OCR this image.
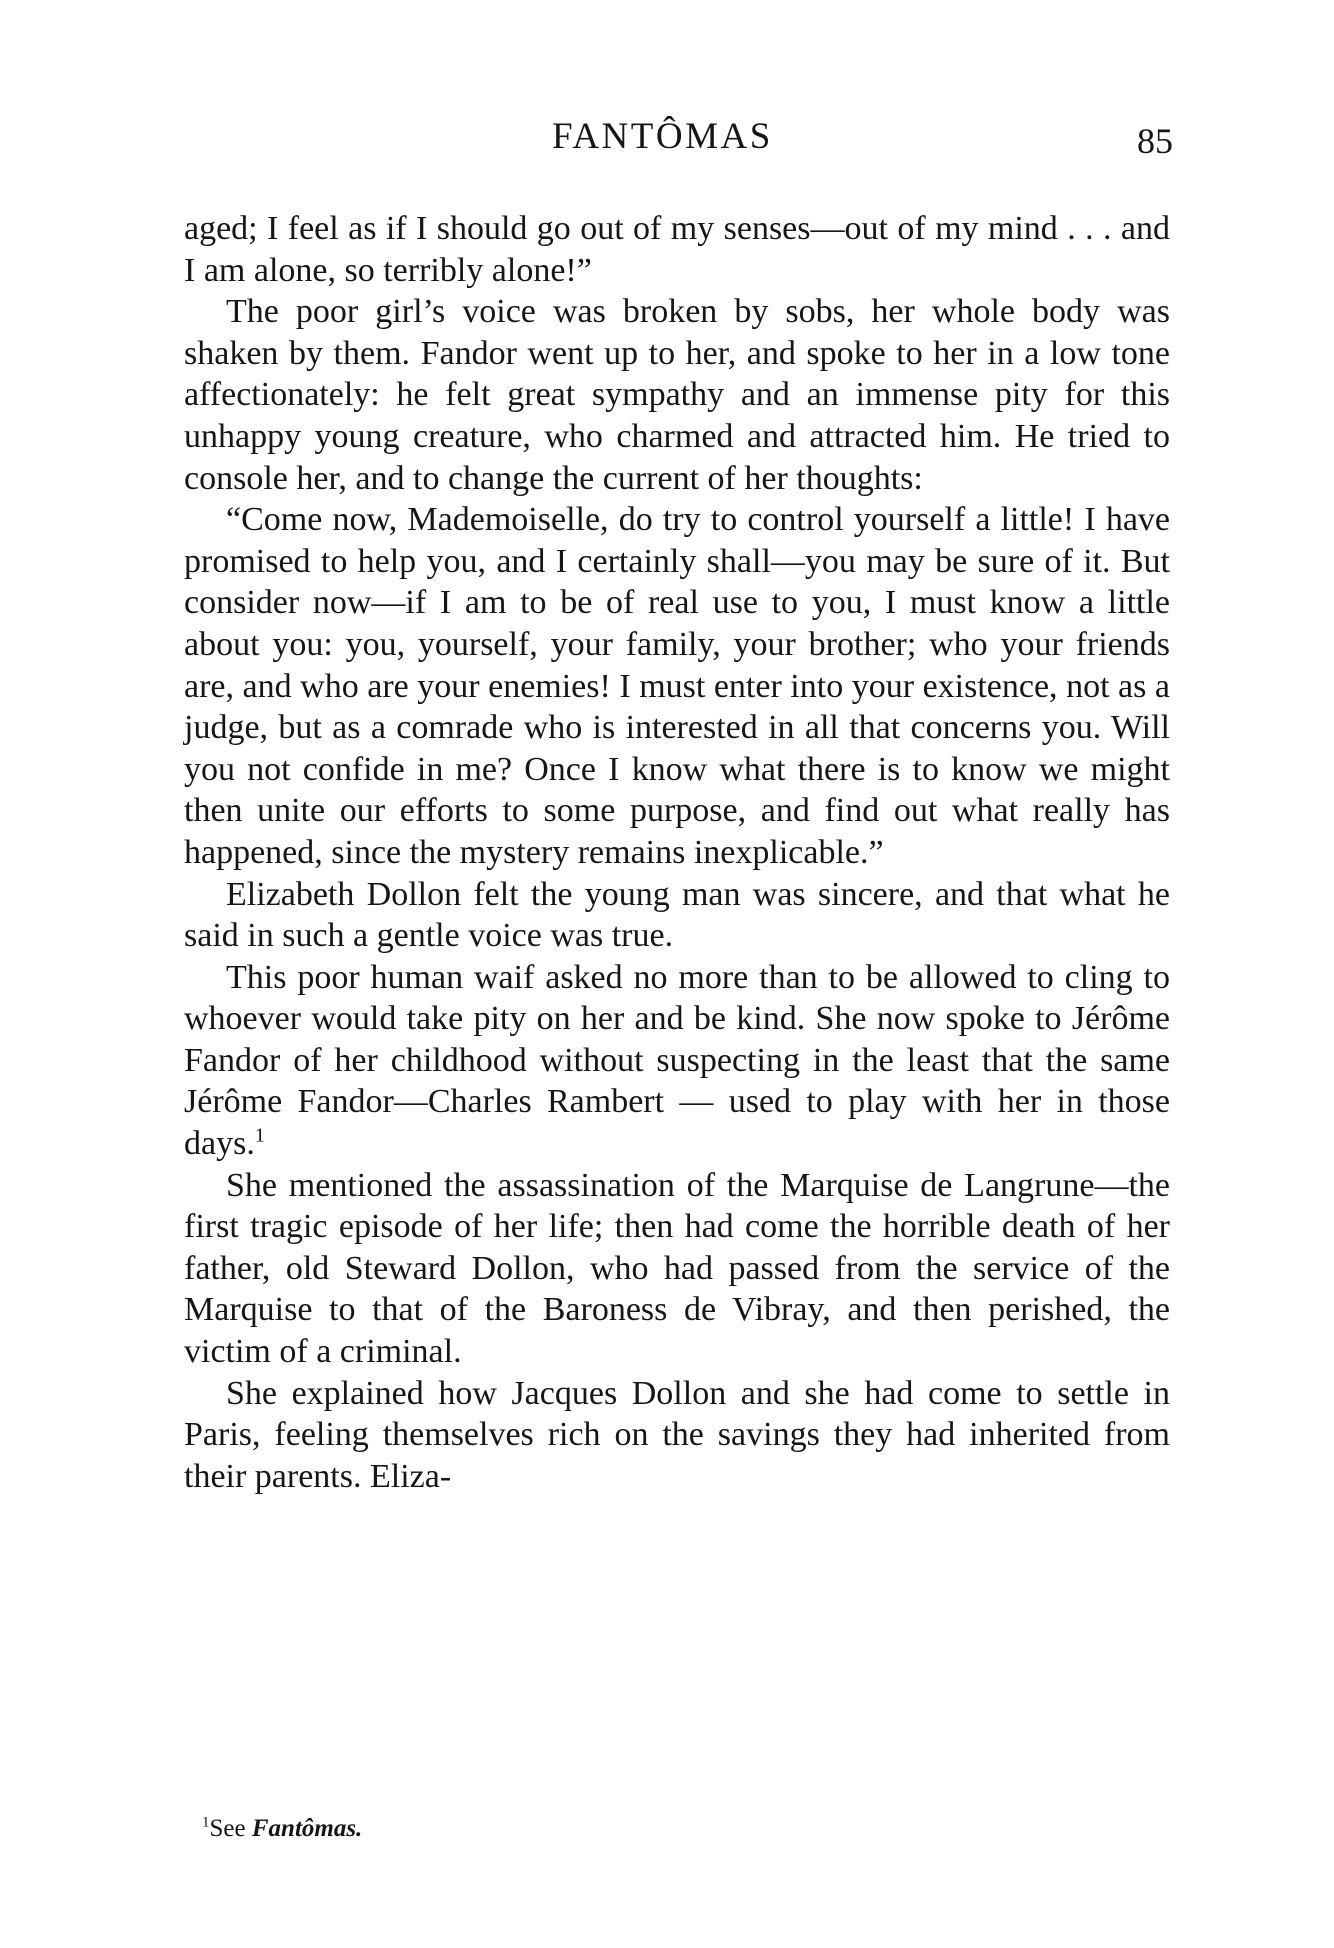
FANTÔMAS	85

aged; I feel as if I should go out of my senses—out of my mind . . . and I am alone, so terribly alone!”

The poor girl’s voice was broken by sobs, her whole body was shaken by them. Fandor went up to her, and spoke to her in a low tone affectionately: he felt great sympathy and an immense pity for this unhappy young creature, who charmed and attracted him. He tried to console her, and to change the current of her thoughts:

“Come now, Mademoiselle, do try to control yourself a little! I have promised to help you, and I certainly shall—you may be sure of it. But consider now—if I am to be of real use to you, I must know a little about you: you, yourself, your family, your brother; who your friends are, and who are your enemies! I must enter into your existence, not as a judge, but as a comrade who is interested in all that concerns you. Will you not confide in me? Once I know what there is to know we might then unite our efforts to some purpose, and find out what really has happened, since the mystery remains inexplicable.”

Elizabeth Dollon felt the young man was sincere, and that what he said in such a gentle voice was true.

This poor human waif asked no more than to be allowed to cling to whoever would take pity on her and be kind. She now spoke to Jérôme Fandor of her childhood without suspecting in the least that the same Jérôme Fandor—Charles Rambert — used to play with her in those days.$^1$

She mentioned the assassination of the Marquise de Langrune—the first tragic episode of her life; then had come the horrible death of her father, old Steward Dollon, who had passed from the service of the Marquise to that of the Baroness de Vibray, and then perished, the victim of a criminal.

She explained how Jacques Dollon and she had come to settle in Paris, feeling themselves rich on the savings they had inherited from their parents. Eliza-

$^1$See Fantômas.
